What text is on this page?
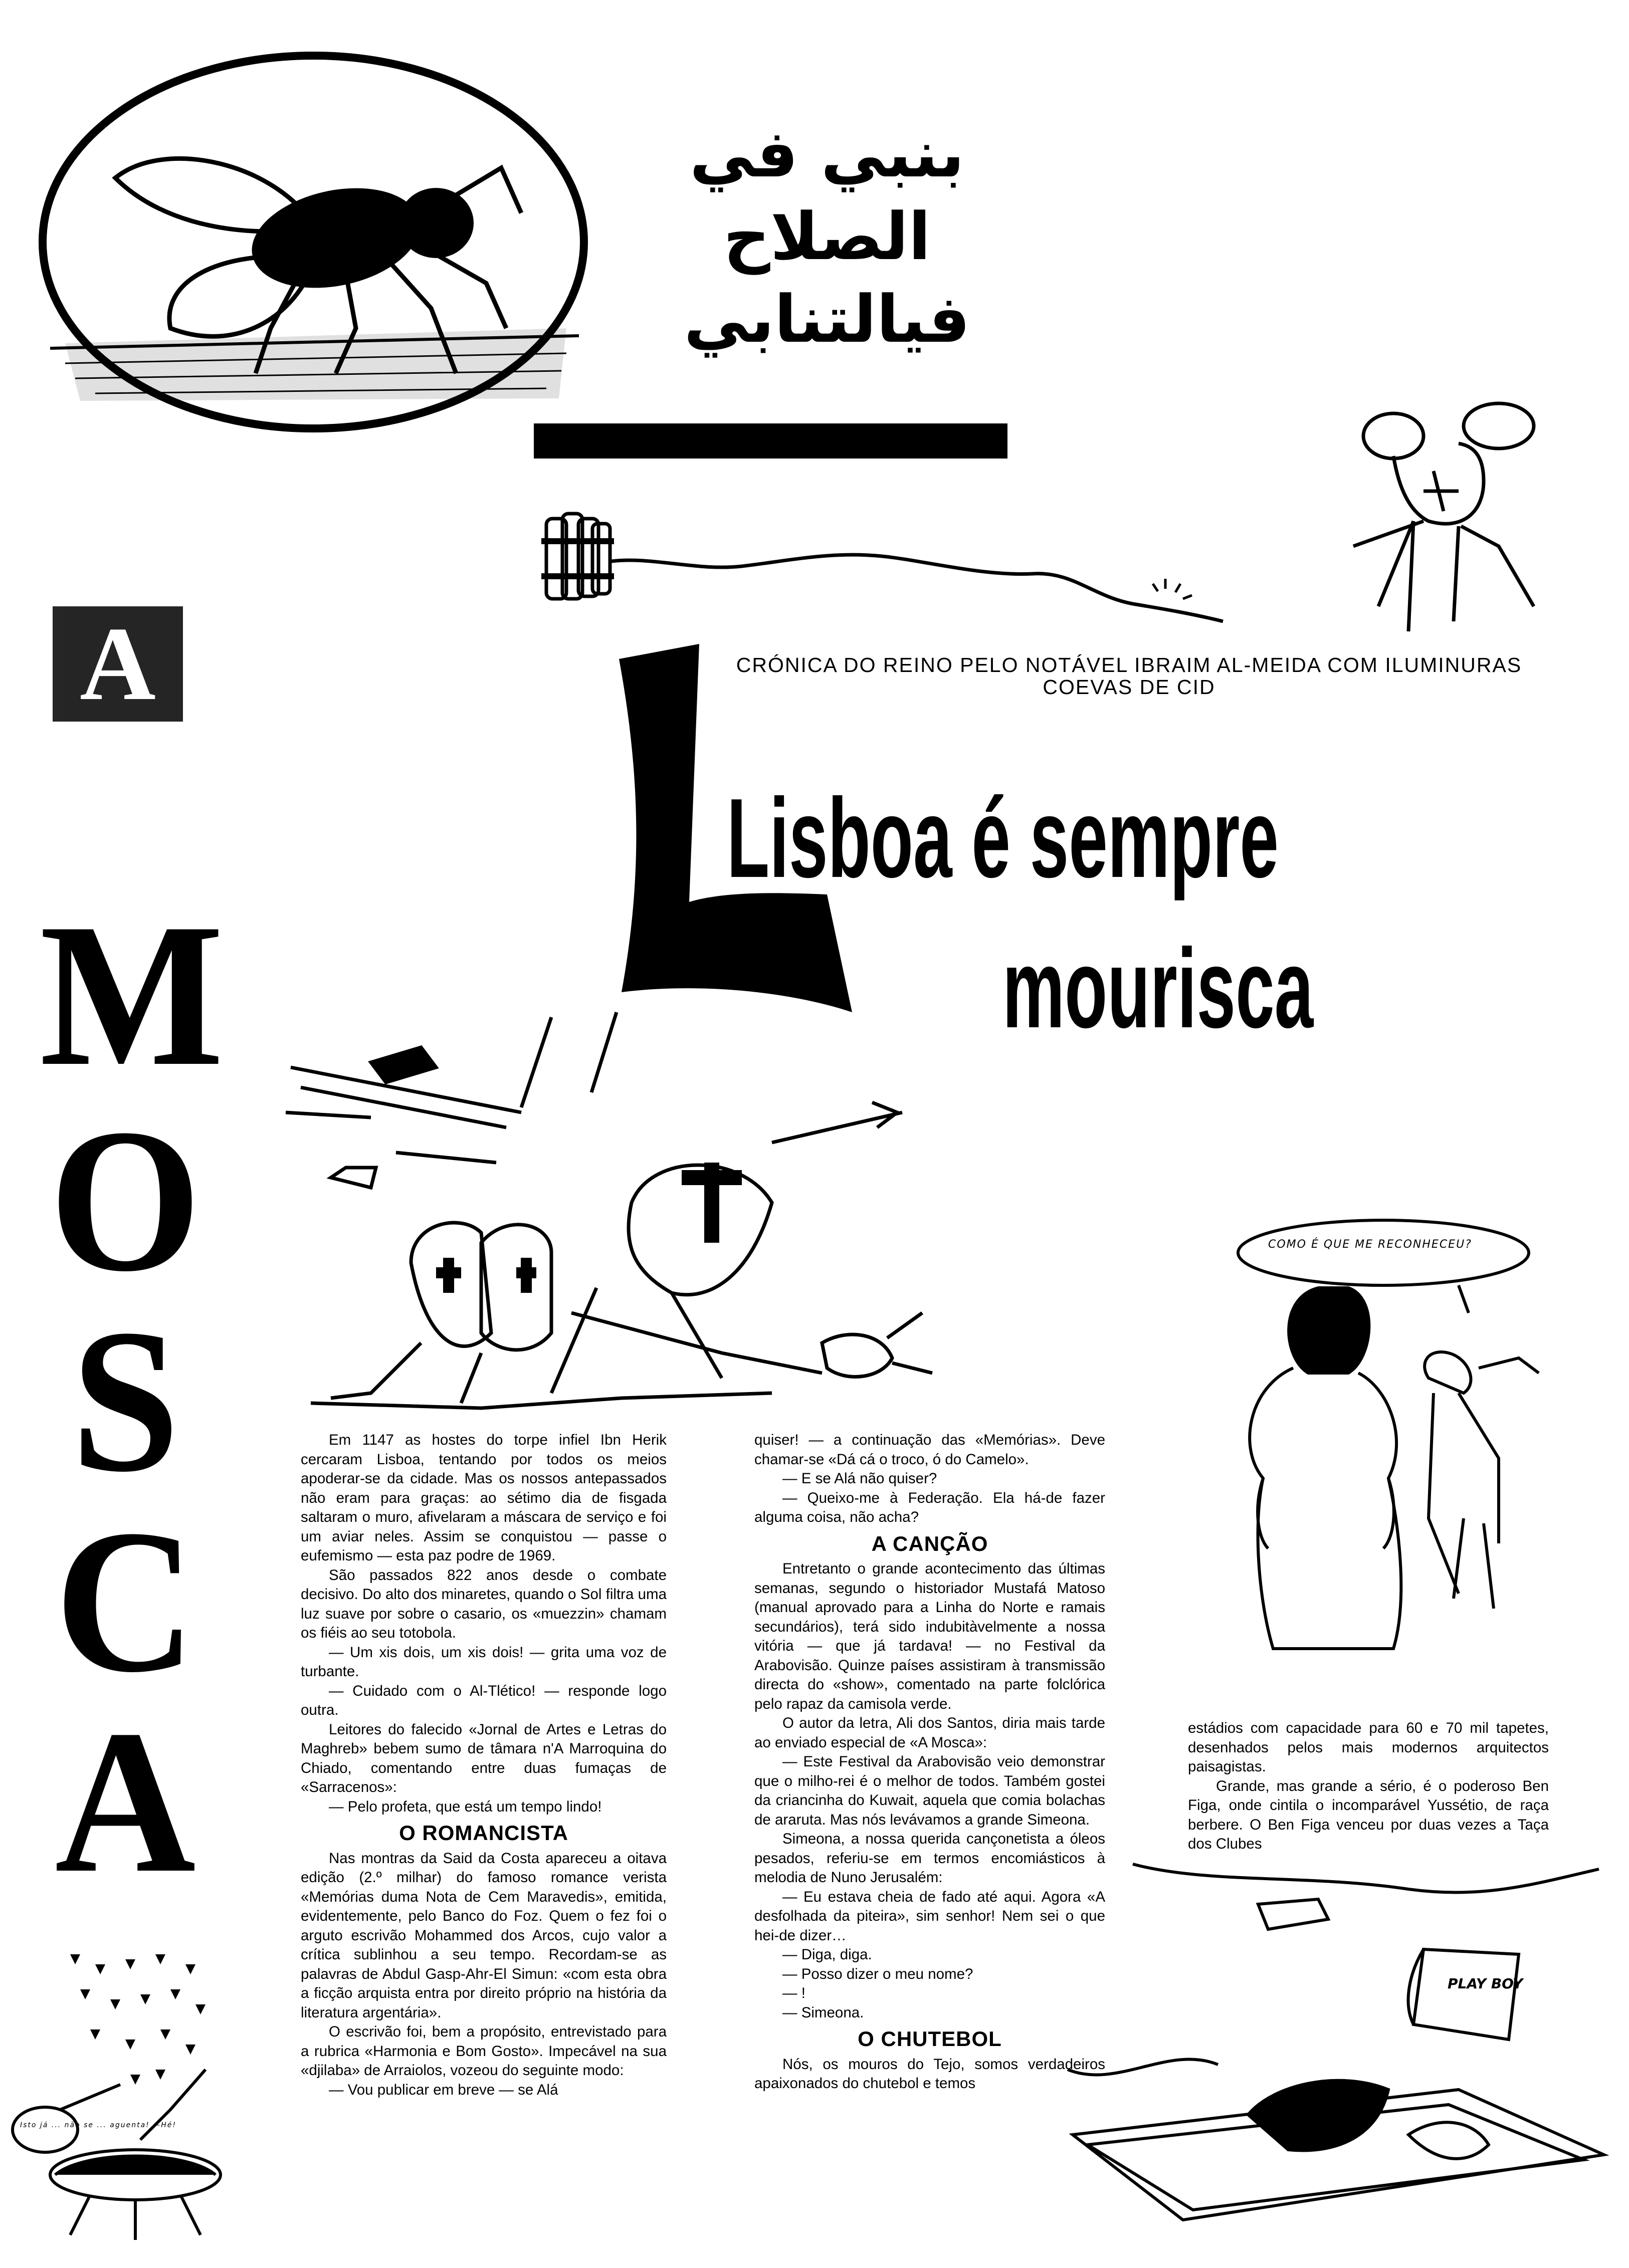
بنبي في الصلاح
فيالتنابي
A
M
O
S
C
A
Isto já ... não se ... aguenta! —Hé!
CRÓNICA DO REINO PELO NOTÁVEL IBRAIM AL-MEIDA COM ILUMINURAS COEVAS DE CID
Lisboa é sempre
mourisca
COMO É QUE ME RECONHECEU?
PLAY BOY

Em 1147 as hostes do torpe infiel Ibn Herik cercaram Lisboa, tentando por todos os meios apoderar-se da cidade. Mas os nossos antepassados não eram para graças: ao sétimo dia de fisgada saltaram o muro, afivelaram a máscara de serviço e foi um aviar neles. Assim se conquistou — passe o eufemismo — esta paz podre de 1969.

São passados 822 anos desde o combate decisivo. Do alto dos minaretes, quando o Sol filtra uma luz suave por sobre o casario, os «muezzin» chamam os fiéis ao seu totobola.

— Um xis dois, um xis dois! — grita uma voz de turbante.

— Cuidado com o Al-Tlético! — responde logo outra.

Leitores do falecido «Jornal de Artes e Letras do Maghreb» bebem sumo de tâmara n'A Marroquina do Chiado, comentando entre duas fumaças de «Sarracenos»:

— Pelo profeta, que está um tempo lindo!

O ROMANCISTA

Nas montras da Said da Costa apareceu a oitava edição (2.º milhar) do famoso romance verista «Memórias duma Nota de Cem Maravedis», emitida, evidentemente, pelo Banco do Foz. Quem o fez foi o arguto escrivão Mohammed dos Arcos, cujo valor a crítica sublinhou a seu tempo. Recordam-se as palavras de Abdul Gasp-Ahr-El Simun: «com esta obra a ficção arquista entra por direito próprio na história da literatura argentária».

O escrivão foi, bem a propósito, entrevistado para a rubrica «Harmonia e Bom Gosto». Impecável na sua «djilaba» de Arraiolos, vozeou do seguinte modo:

— Vou publicar em breve — se Alá

quiser! — a continuação das «Memórias». Deve chamar-se «Dá cá o troco, ó do Camelo».

— E se Alá não quiser?

— Queixo-me à Federação. Ela há-de fazer alguma coisa, não acha?

A CANÇÃO

Entretanto o grande acontecimento das últimas semanas, segundo o historiador Mustafá Matoso (manual aprovado para a Linha do Norte e ramais secundários), terá sido indubitàvelmente a nossa vitória — que já tardava! — no Festival da Arabovisão. Quinze países assistiram à transmissão directa do «show», comentado na parte folclórica pelo rapaz da camisola verde.

O autor da letra, Ali dos Santos, diria mais tarde ao enviado especial de «A Mosca»:

— Este Festival da Arabovisão veio demonstrar que o milho-rei é o melhor de todos. Também gostei da criancinha do Kuwait, aquela que comia bolachas de araruta. Mas nós levávamos a grande Simeona.

Simeona, a nossa querida cançonetista a óleos pesados, referiu-se em termos encomiásticos à melodia de Nuno Jerusalém:

— Eu estava cheia de fado até aqui. Agora «A desfolhada da piteira», sim senhor! Nem sei o que hei-de dizer…

— Diga, diga.

— Posso dizer o meu nome?

— !

— Simeona.

O CHUTEBOL

Nós, os mouros do Tejo, somos verdadeiros apaixonados do chutebol e temos

estádios com capacidade para 60 e 70 mil tapetes, desenhados pelos mais modernos arquitectos paisagistas.

Grande, mas grande a sério, é o poderoso Ben Figa, onde cintila o incomparável Yussétio, de raça berbere. O Ben Figa venceu por duas vezes a Taça dos Clubes
